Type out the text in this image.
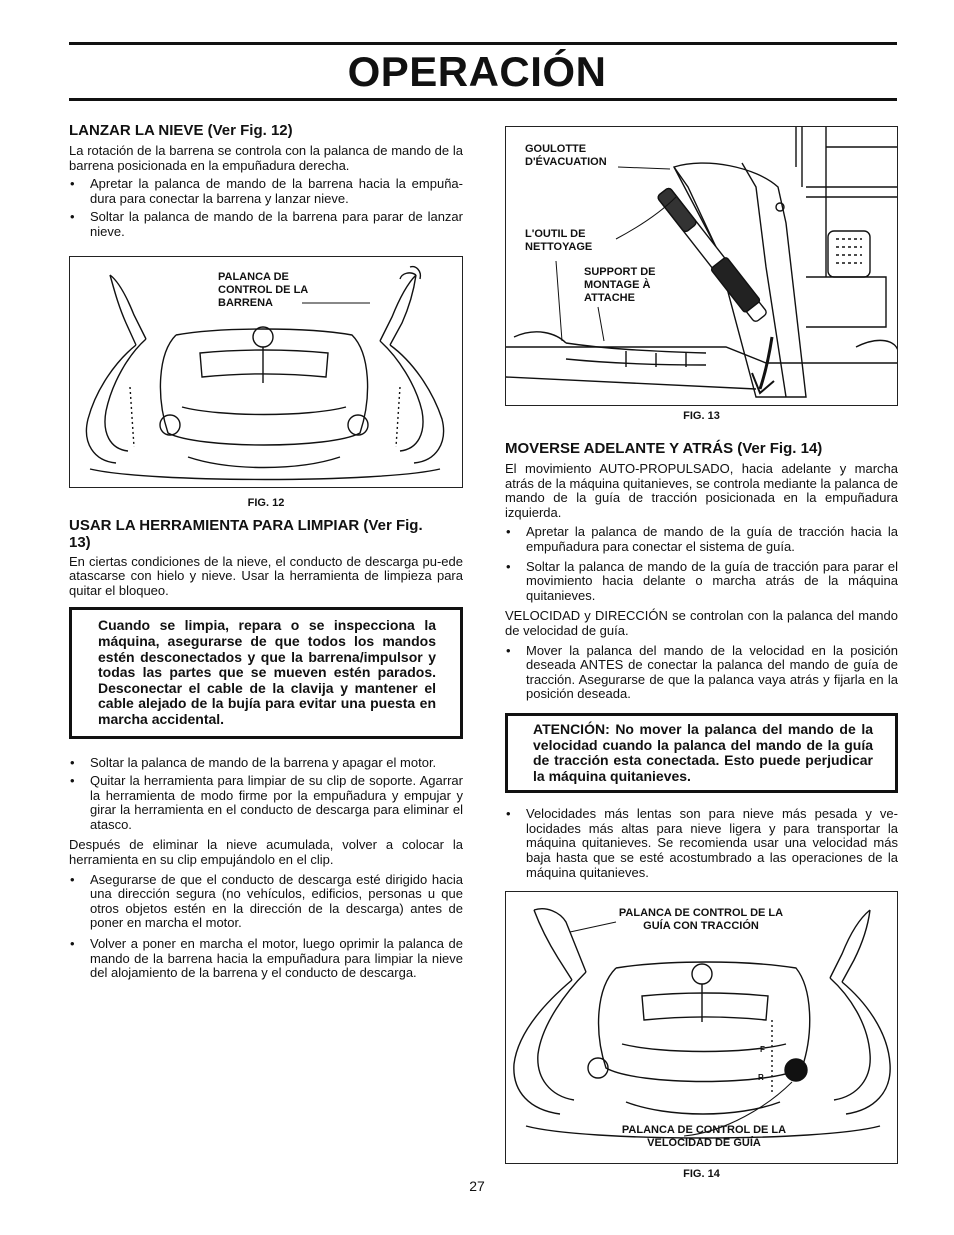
OPERACIÓN
LANZAR LA NIEVE (Ver Fig. 12)

La rotación de la barrena se controla con la palanca de mando de la barrena posicionada en la empuñadura derecha.

• Apretar la palanca de mando de la barrena hacia la empuña-dura para conectar la barrena y lanzar nieve.
• Soltar la palanca de mando de la barrena para parar de lanzar nieve.
PALANCA DE CONTROL DE LA BARRENA
FIG. 12
USAR LA HERRAMIENTA PARA LIMPIAR (Ver Fig. 13)

En ciertas condiciones de la nieve, el conducto de descarga pu-ede atascarse con hielo y nieve. Usar la herramienta de limpieza para quitar el bloqueo.

Cuando se limpia, repara o se inspecciona la máquina, asegurarse de que todos los mandos estén desconectados y que la barrena/impulsor y todas las partes que se mueven estén parados. Desconectar el cable de la clavija y mantener el cable alejado de la bujía para evitar una puesta en marcha accidental.

• Soltar la palanca de mando de la barrena y apagar el motor.
• Quitar la herramienta para limpiar de su clip de soporte. Agarrar la herramienta de modo firme por la empuñadura y empujar y girar la herramienta en el conducto de descarga para eliminar el atasco.

Después de eliminar la nieve acumulada, volver a colocar la herramienta en su clip empujándolo en el clip.

• Asegurarse de que el conducto de descarga esté dirigido hacia una dirección segura (no vehículos, edificios, personas u que otros objetos estén en la dirección de la descarga) antes de poner en marcha el motor.
• Volver a poner en marcha el motor, luego oprimir la palanca de mando de la barrena hacia la empuñadura para limpiar la nieve del alojamiento de la barrena y el conducto de descarga.
GOULOTTE D'ÉVACUATION
L'OUTIL DE NETTOYAGE
SUPPORT DE MONTAGE À ATTACHE
FIG. 13
MOVERSE ADELANTE Y ATRÁS (Ver Fig. 14)

El movimiento AUTO-PROPULSADO, hacia adelante y marcha atrás de la máquina quitanieves, se controla mediante la palanca de mando de la guía de tracción posicionada en la empuñadura izquierda.

• Apretar la palanca de mando de la guía de tracción hacia la empuñadura para conectar el sistema de guía.
• Soltar la palanca de mando de la guía de tracción para parar el movimiento hacia delante o marcha atrás de la máquina quitanieves.

VELOCIDAD y DIRECCIÓN se controlan con la palanca del mando de velocidad de guía.

• Mover la palanca del mando de la velocidad en la posición deseada ANTES de conectar la palanca del mando de guía de tracción. Asegurarse de que la palanca vaya atrás y fijarla en la posición deseada.

ATENCIÓN: No mover la palanca del mando de la velocidad cuando la palanca del mando de la guía de tracción esta conectada. Esto puede perjudicar la máquina quitanieves.

• Velocidades más lentas son para nieve más pesada y ve-locidades más altas para nieve ligera y para transportar la máquina quitanieves. Se recomienda usar una velocidad más baja hasta que se esté acostumbrado a las operaciones de la máquina quitanieves.
PALANCA DE CONTROL DE LA GUÍA CON TRACCIÓN
F
R
PALANCA DE CONTROL DE LA VELOCIDAD DE GUÍA
FIG. 14
27
